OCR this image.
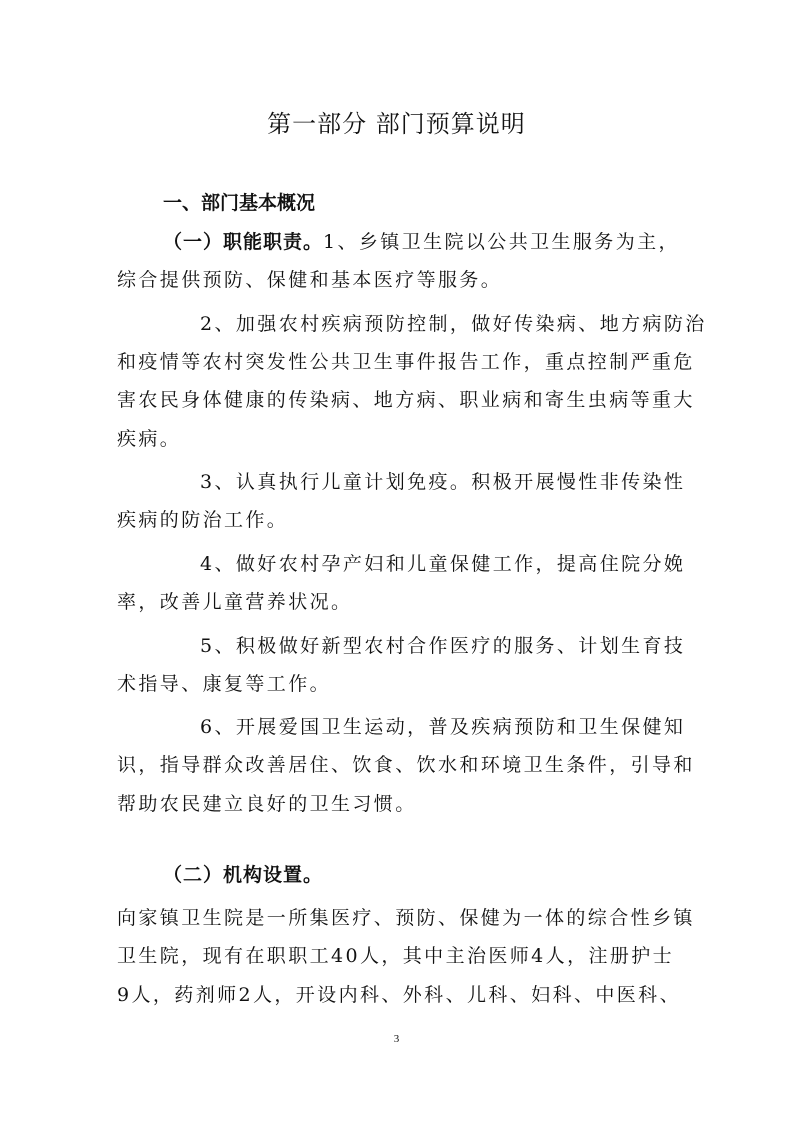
第一部分 部门预算说明
一、部门基本概况
（一）职能职责。1、乡镇卫生院以公共卫生服务为主，
综合提供预防、保健和基本医疗等服务。
2、加强农村疾病预防控制，做好传染病、地方病防治
和疫情等农村突发性公共卫生事件报告工作，重点控制严重危
害农民身体健康的传染病、地方病、职业病和寄生虫病等重大
疾病。
3、认真执行儿童计划免疫。积极开展慢性非传染性
疾病的防治工作。
4、做好农村孕产妇和儿童保健工作，提高住院分娩
率，改善儿童营养状况。
5、积极做好新型农村合作医疗的服务、计划生育技
术指导、康复等工作。
6、开展爱国卫生运动，普及疾病预防和卫生保健知
识，指导群众改善居住、饮食、饮水和环境卫生条件，引导和
帮助农民建立良好的卫生习惯。
（二）机构设置。
向家镇卫生院是一所集医疗、预防、保健为一体的综合性乡镇
卫生院，现有在职职工40人，其中主治医师4人，注册护士
9人，药剂师2人，开设内科、外科、儿科、妇科、中医科、
3
